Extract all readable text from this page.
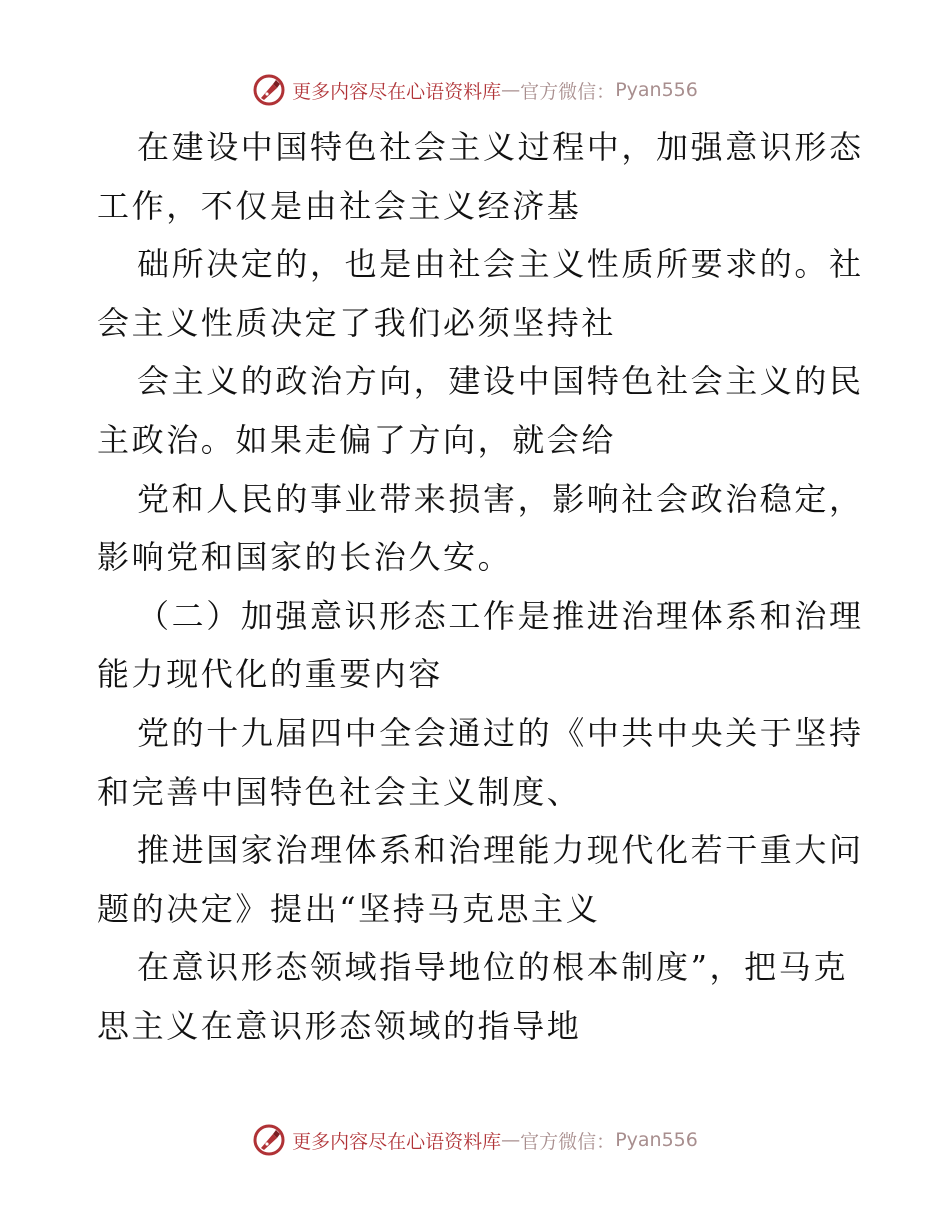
更多内容尽在心语资料库 — 官方微信： Pyan556
在建设中国特色社会主义过程中，加强意识形态
工作，不仅是由社会主义经济基
础所决定的，也是由社会主义性质所要求的。社
会主义性质决定了我们必须坚持社
会主义的政治方向，建设中国特色社会主义的民
主政治。如果走偏了方向，就会给
党和人民的事业带来损害，影响社会政治稳定，
影响党和国家的长治久安。
（二）加强意识形态工作是推进治理体系和治理
能力现代化的重要内容
党的十九届四中全会通过的《中共中央关于坚持
和完善中国特色社会主义制度、
推进国家治理体系和治理能力现代化若干重大问
题的决定》提出“坚持马克思主义
在意识形态领域指导地位的根本制度”，把马克
思主义在意识形态领域的指导地
更多内容尽在心语资料库 — 官方微信： Pyan556
